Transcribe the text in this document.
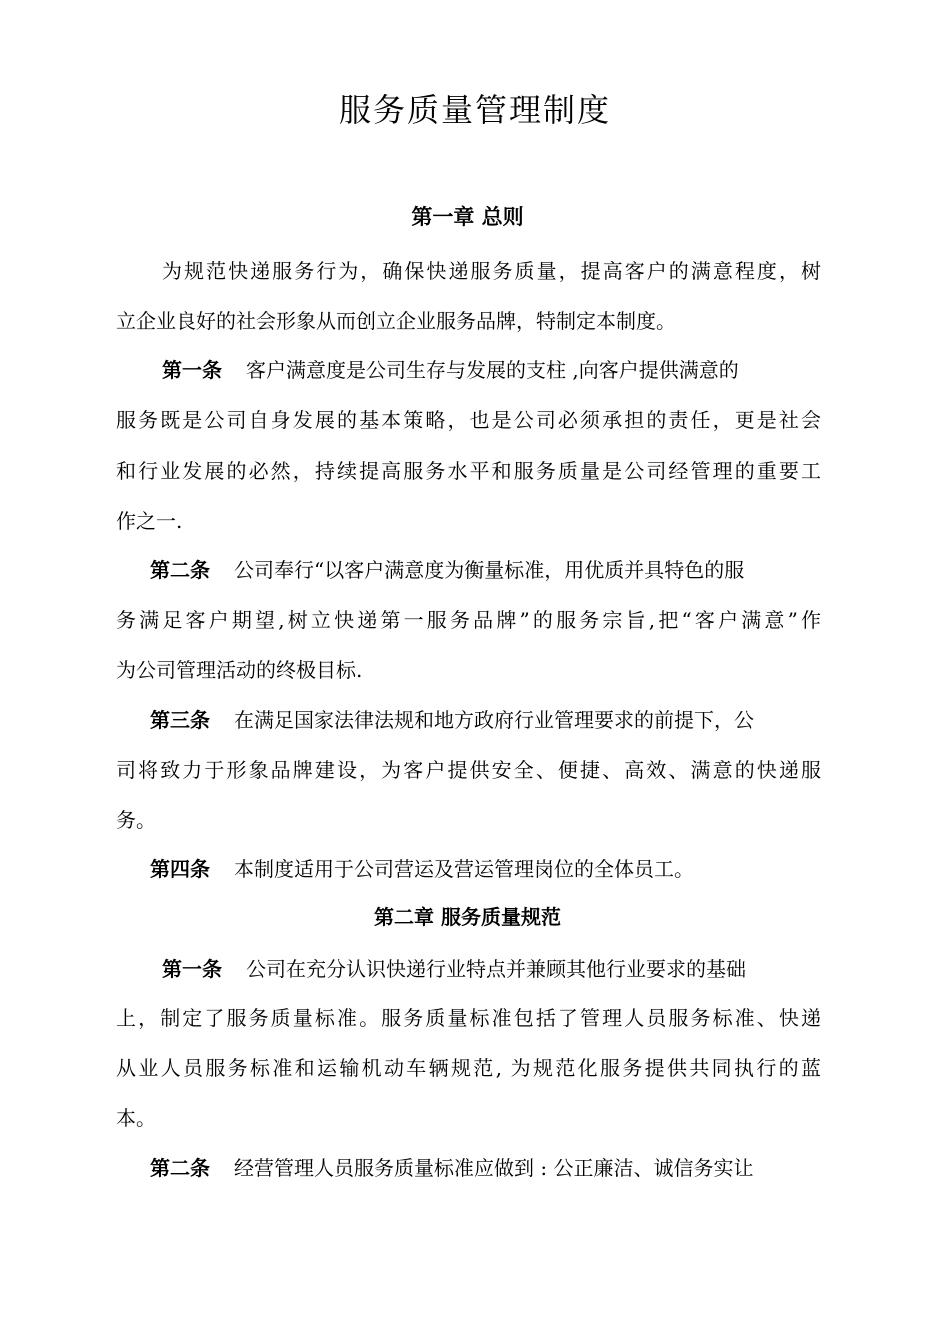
服务质量管理制度
第一章 总则
为规范快递服务行为，确保快递服务质量，提高客户的满意程度，树
立企业良好的社会形象从而创立企业服务品牌，特制定本制度。
第一条 客户满意度是公司生存与发展的支柱 ,向客户提供满意的
服务既是公司自身发展的基本策略，也是公司必须承担的责任，更是社会
和行业发展的必然，持续提高服务水平和服务质量是公司经管理的重要工
作之一.
第二条 公司奉行“以客户满意度为衡量标准，用优质并具特色的服
务满足客户期望,树立快递第一服务品牌”的服务宗旨,把“客户满意”作
为公司管理活动的终极目标.
第三条 在满足国家法律法规和地方政府行业管理要求的前提下，公
司将致力于形象品牌建设，为客户提供安全、便捷、高效、满意的快递服
务。
第四条 本制度适用于公司营运及营运管理岗位的全体员工。
第二章 服务质量规范
第一条 公司在充分认识快递行业特点并兼顾其他行业要求的基础
上，制定了服务质量标准。服务质量标准包括了管理人员服务标准、快递
从业人员服务标准和运输机动车辆规范, 为规范化服务提供共同执行的蓝
本。
第二条 经营管理人员服务质量标准应做到 : 公正廉洁、诚信务实让
